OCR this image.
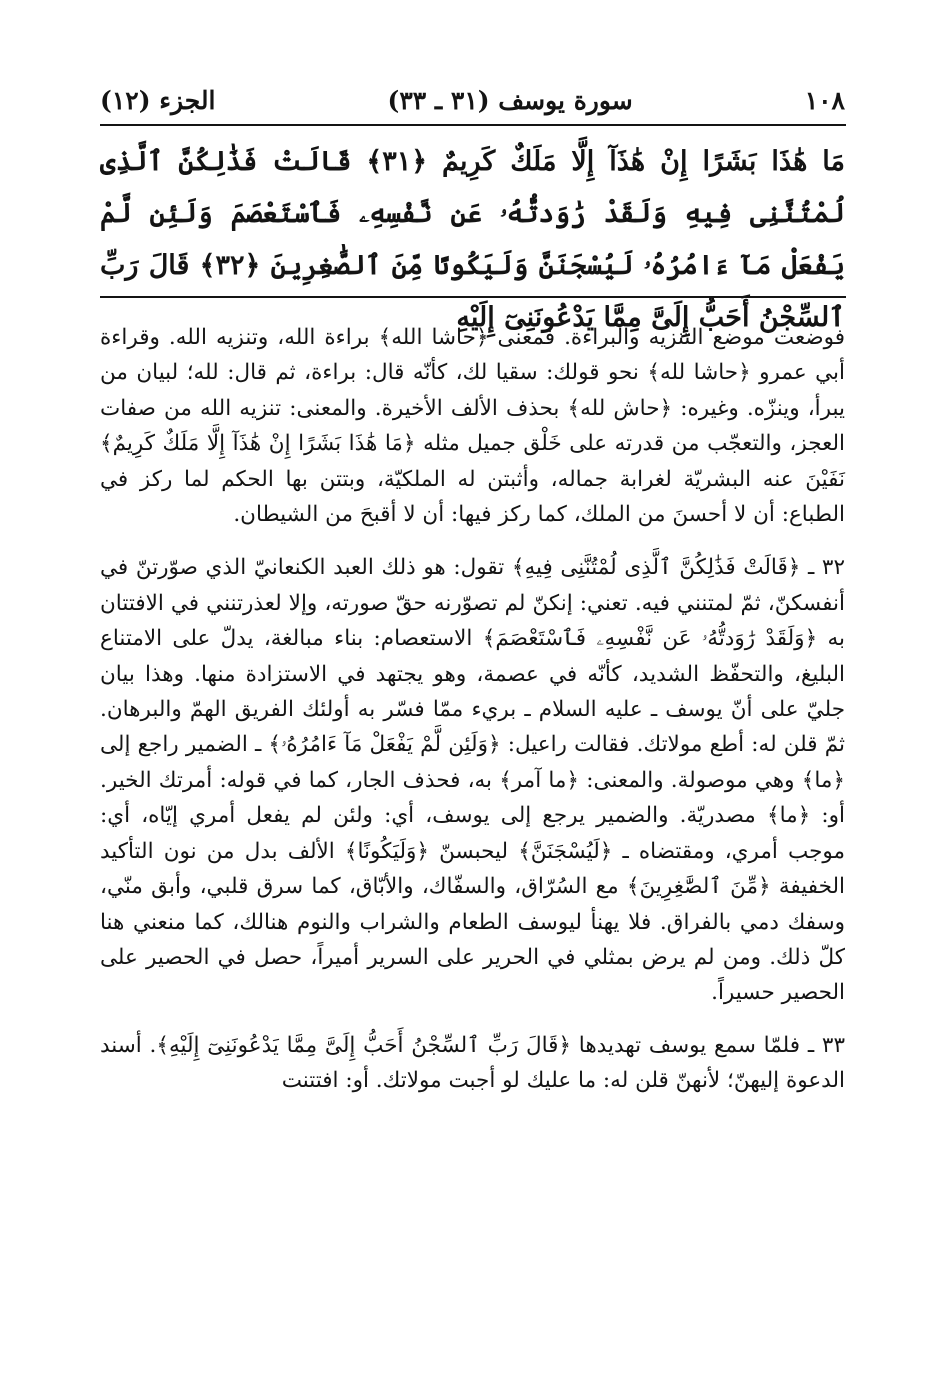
١٠٨
سورة يوسف (٣١ ـ ٣٣)
الجزء (١٢)

مَا هَٰذَا بَشَرًا إِنْ هَٰذَآ إِلَّا مَلَكٌ كَرِيمٌ ﴿٣١﴾ قَالَتْ فَذَٰلِكُنَّ ٱلَّذِى لُمْتُنَّنِى فِيهِ وَلَقَدْ رَٰوَدتُّهُۥ عَن نَّفْسِهِۦ فَٱسْتَعْصَمَ وَلَئِن لَّمْ يَفْعَلْ مَآ ءَامُرُهُۥ لَيُسْجَنَنَّ وَلَيَكُونًا مِّنَ ٱلصَّٰغِرِينَ ﴿٣٢﴾ قَالَ رَبِّ ٱلسِّجْنُ أَحَبُّ إِلَىَّ مِمَّا يَدْعُونَنِىٓ إِلَيْهِ

فوضعت موضع التنزيه والبراءة. فمعنى ﴿حاشا الله﴾ براءة الله، وتنزيه الله. وقراءة أبي عمرو ﴿حاشا لله﴾ نحو قولك: سقيا لك، كأنّه قال: براءة، ثم قال: لله؛ لبيان من يبرأ، وينزّه. وغيره: ﴿حاش لله﴾ بحذف الألف الأخيرة. والمعنى: تنزيه الله من صفات العجز، والتعجّب من قدرته على خَلْق جميل مثله ﴿مَا هَٰذَا بَشَرًا إِنْ هَٰذَآ إِلَّا مَلَكٌ كَرِيمٌ﴾ نَفَيْنَ عنه البشريّة لغرابة جماله، وأثبتن له الملكيّة، وبتتن بها الحكم لما ركز في الطباع: أن لا أحسنَ من الملك، كما ركز فيها: أن لا أقبحَ من الشيطان.

٣٢ ـ ﴿قَالَتْ فَذَٰلِكُنَّ ٱلَّذِى لُمْتُنَّنِى فِيهِ﴾ تقول: هو ذلك العبد الكنعانيّ الذي صوّرتنّ في أنفسكنّ، ثمّ لمتنني فيه. تعني: إنكنّ لم تصوّرنه حقّ صورته، وإلا لعذرتنني في الافتتان به ﴿وَلَقَدْ رَٰوَدتُّهُۥ عَن نَّفْسِهِۦ فَٱسْتَعْصَمَ﴾ الاستعصام: بناء مبالغة، يدلّ على الامتناع البليغ، والتحفّظ الشديد، كأنّه في عصمة، وهو يجتهد في الاستزادة منها. وهذا بيان جليّ على أنّ يوسف ـ عليه السلام ـ بريء ممّا فسّر به أولئك الفريق الهمّ والبرهان. ثمّ قلن له: أطع مولاتك. فقالت راعيل: ﴿وَلَئِن لَّمْ يَفْعَلْ مَآ ءَامُرُهُۥ﴾ ـ الضمير راجع إلى ﴿ما﴾ وهي موصولة. والمعنى: ﴿ما آمر﴾ به، فحذف الجار، كما في قوله: أمرتك الخير. أو: ﴿ما﴾ مصدريّة. والضمير يرجع إلى يوسف، أي: ولئن لم يفعل أمري إيّاه، أي: موجب أمري، ومقتضاه ـ ﴿لَيُسْجَنَنَّ﴾ ليحبسنّ ﴿وَلَيَكُونًا﴾ الألف بدل من نون التأكيد الخفيفة ﴿مِّنَ ٱلصَّٰغِرِينَ﴾ مع السُرّاق، والسفّاك، والأبّاق، كما سرق قلبي، وأبق منّي، وسفك دمي بالفراق. فلا يهنأ ليوسف الطعام والشراب والنوم هنالك، كما منعني هنا كلّ ذلك. ومن لم يرض بمثلي في الحرير على السرير أميراً، حصل في الحصير على الحصير حسيراً.

٣٣ ـ فلمّا سمع يوسف تهديدها ﴿قَالَ رَبِّ ٱلسِّجْنُ أَحَبُّ إِلَىَّ مِمَّا يَدْعُونَنِىٓ إِلَيْهِ﴾. أسند الدعوة إليهنّ؛ لأنهنّ قلن له: ما عليك لو أجبت مولاتك. أو: افتتنت
